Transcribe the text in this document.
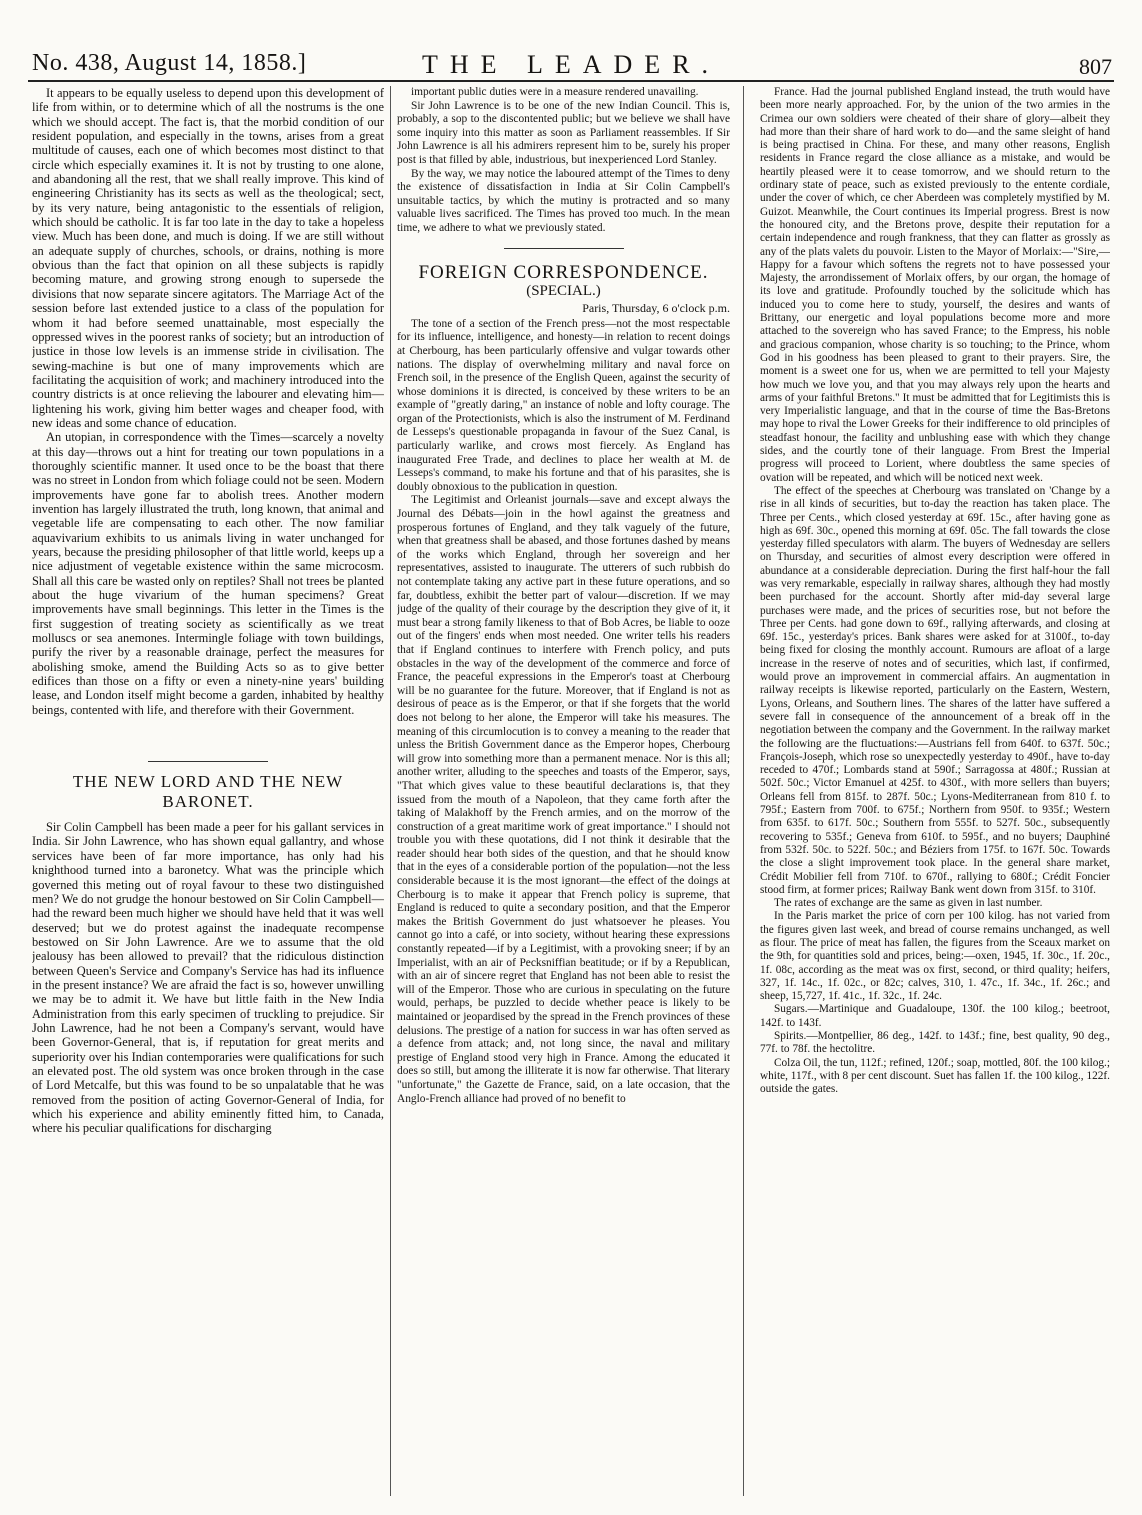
No. 438, August 14, 1858.]	THE LEADER.	807

It appears to be equally useless to depend upon this development of life from within, or to determine which of all the nostrums is the one which we should accept. The fact is, that the morbid condition of our resident population, and especially in the towns, arises from a great multitude of causes, each one of which becomes most distinct to that circle which especially examines it. It is not by trusting to one alone, and abandoning all the rest, that we shall really improve. This kind of engineering Christianity has its sects as well as the theological; sect, by its very nature, being antagonistic to the essentials of religion, which should be catholic. It is far too late in the day to take a hopeless view. Much has been done, and much is doing. If we are still without an adequate supply of churches, schools, or drains, nothing is more obvious than the fact that opinion on all these subjects is rapidly becoming mature, and growing strong enough to supersede the divisions that now separate sincere agitators. The Marriage Act of the session before last extended justice to a class of the population for whom it had before seemed unattainable, most especially the oppressed wives in the poorest ranks of society; but an introduction of justice in those low levels is an immense stride in civilisation. The sewing-machine is but one of many improvements which are facilitating the acquisition of work; and machinery introduced into the country districts is at once relieving the labourer and elevating him—lightening his work, giving him better wages and cheaper food, with new ideas and some chance of education.

An utopian, in correspondence with the Times—scarcely a novelty at this day—throws out a hint for treating our town populations in a thoroughly scientific manner. It used once to be the boast that there was no street in London from which foliage could not be seen. Modern improvements have gone far to abolish trees. Another modern invention has largely illustrated the truth, long known, that animal and vegetable life are compensating to each other. The now familiar aquavivarium exhibits to us animals living in water unchanged for years, because the presiding philosopher of that little world, keeps up a nice adjustment of vegetable existence within the same microcosm. Shall all this care be wasted only on reptiles? Shall not trees be planted about the huge vivarium of the human specimens? Great improvements have small beginnings. This letter in the Times is the first suggestion of treating society as scientifically as we treat molluscs or sea anemones. Intermingle foliage with town buildings, purify the river by a reasonable drainage, perfect the measures for abolishing smoke, amend the Building Acts so as to give better edifices than those on a fifty or even a ninety-nine years' building lease, and London itself might become a garden, inhabited by healthy beings, contented with life, and therefore with their Government.

THE NEW LORD AND THE NEW BARONET.

Sir Colin Campbell has been made a peer for his gallant services in India. Sir John Lawrence, who has shown equal gallantry, and whose services have been of far more importance, has only had his knighthood turned into a baronetcy. What was the principle which governed this meting out of royal favour to these two distinguished men? We do not grudge the honour bestowed on Sir Colin Campbell—had the reward been much higher we should have held that it was well deserved; but we do protest against the inadequate recompense bestowed on Sir John Lawrence. Are we to assume that the old jealousy has been allowed to prevail? that the ridiculous distinction between Queen's Service and Company's Service has had its influence in the present instance? We are afraid the fact is so, however unwilling we may be to admit it. We have but little faith in the New India Administration from this early specimen of truckling to prejudice. Sir John Lawrence, had he not been a Company's servant, would have been Governor-General, that is, if reputation for great merits and superiority over his Indian contemporaries were qualifications for such an elevated post. The old system was once broken through in the case of Lord Metcalfe, but this was found to be so unpalatable that he was removed from the position of acting Governor-General of India, for which his experience and ability eminently fitted him, to Canada, where his peculiar qualifications for discharging

important public duties were in a measure rendered unavailing.

Sir John Lawrence is to be one of the new Indian Council. This is, probably, a sop to the discontented public; but we believe we shall have some inquiry into this matter as soon as Parliament reassembles. If Sir John Lawrence is all his admirers represent him to be, surely his proper post is that filled by able, industrious, but inexperienced Lord Stanley.

By the way, we may notice the laboured attempt of the Times to deny the existence of dissatisfaction in India at Sir Colin Campbell's unsuitable tactics, by which the mutiny is protracted and so many valuable lives sacrificed. The Times has proved too much. In the mean time, we adhere to what we previously stated.

FOREIGN CORRESPONDENCE.

(SPECIAL.)

Paris, Thursday, 6 o'clock p.m.

The tone of a section of the French press—not the most respectable for its influence, intelligence, and honesty—in relation to recent doings at Cherbourg, has been particularly offensive and vulgar towards other nations. The display of overwhelming military and naval force on French soil, in the presence of the English Queen, against the security of whose dominions it is directed, is conceived by these writers to be an example of "greatly daring," an instance of noble and lofty courage. The organ of the Protectionists, which is also the instrument of M. Ferdinand de Lesseps's questionable propaganda in favour of the Suez Canal, is particularly warlike, and crows most fiercely. As England has inaugurated Free Trade, and declines to place her wealth at M. de Lesseps's command, to make his fortune and that of his parasites, she is doubly obnoxious to the publication in question.

The Legitimist and Orleanist journals—save and except always the Journal des Débats—join in the howl against the greatness and prosperous fortunes of England, and they talk vaguely of the future, when that greatness shall be abased, and those fortunes dashed by means of the works which England, through her sovereign and her representatives, assisted to inaugurate. The utterers of such rubbish do not contemplate taking any active part in these future operations, and so far, doubtless, exhibit the better part of valour—discretion. If we may judge of the quality of their courage by the description they give of it, it must bear a strong family likeness to that of Bob Acres, be liable to ooze out of the fingers' ends when most needed. One writer tells his readers that if England continues to interfere with French policy, and puts obstacles in the way of the development of the commerce and force of France, the peaceful expressions in the Emperor's toast at Cherbourg will be no guarantee for the future. Moreover, that if England is not as desirous of peace as is the Emperor, or that if she forgets that the world does not belong to her alone, the Emperor will take his measures. The meaning of this circumlocution is to convey a meaning to the reader that unless the British Government dance as the Emperor hopes, Cherbourg will grow into something more than a permanent menace. Nor is this all; another writer, alluding to the speeches and toasts of the Emperor, says, "That which gives value to these beautiful declarations is, that they issued from the mouth of a Napoleon, that they came forth after the taking of Malakhoff by the French armies, and on the morrow of the construction of a great maritime work of great importance." I should not trouble you with these quotations, did I not think it desirable that the reader should hear both sides of the question, and that he should know that in the eyes of a considerable portion of the population—not the less considerable because it is the most ignorant—the effect of the doings at Cherbourg is to make it appear that French policy is supreme, that England is reduced to quite a secondary position, and that the Emperor makes the British Government do just whatsoever he pleases. You cannot go into a café, or into society, without hearing these expressions constantly repeated—if by a Legitimist, with a provoking sneer; if by an Imperialist, with an air of Pecksniffian beatitude; or if by a Republican, with an air of sincere regret that England has not been able to resist the will of the Emperor. Those who are curious in speculating on the future would, perhaps, be puzzled to decide whether peace is likely to be maintained or jeopardised by the spread in the French provinces of these delusions. The prestige of a nation for success in war has often served as a defence from attack; and, not long since, the naval and military prestige of England stood very high in France. Among the educated it does so still, but among the illiterate it is now far otherwise. That literary "unfortunate," the Gazette de France, said, on a late occasion, that the Anglo-French alliance had proved of no benefit to

France. Had the journal published England instead, the truth would have been more nearly approached. For, by the union of the two armies in the Crimea our own soldiers were cheated of their share of glory—albeit they had more than their share of hard work to do—and the same sleight of hand is being practised in China. For these, and many other reasons, English residents in France regard the close alliance as a mistake, and would be heartily pleased were it to cease tomorrow, and we should return to the ordinary state of peace, such as existed previously to the entente cordiale, under the cover of which, ce cher Aberdeen was completely mystified by M. Guizot. Meanwhile, the Court continues its Imperial progress. Brest is now the honoured city, and the Bretons prove, despite their reputation for a certain independence and rough frankness, that they can flatter as grossly as any of the plats valets du pouvoir. Listen to the Mayor of Morlaix:—"Sire,—Happy for a favour which softens the regrets not to have possessed your Majesty, the arrondissement of Morlaix offers, by our organ, the homage of its love and gratitude. Profoundly touched by the solicitude which has induced you to come here to study, yourself, the desires and wants of Brittany, our energetic and loyal populations become more and more attached to the sovereign who has saved France; to the Empress, his noble and gracious companion, whose charity is so touching; to the Prince, whom God in his goodness has been pleased to grant to their prayers. Sire, the moment is a sweet one for us, when we are permitted to tell your Majesty how much we love you, and that you may always rely upon the hearts and arms of your faithful Bretons." It must be admitted that for Legitimists this is very Imperialistic language, and that in the course of time the Bas-Bretons may hope to rival the Lower Greeks for their indifference to old principles of steadfast honour, the facility and unblushing ease with which they change sides, and the courtly tone of their language. From Brest the Imperial progress will proceed to Lorient, where doubtless the same species of ovation will be repeated, and which will be noticed next week.

The effect of the speeches at Cherbourg was translated on 'Change by a rise in all kinds of securities, but to-day the reaction has taken place. The Three per Cents., which closed yesterday at 69f. 15c., after having gone as high as 69f. 30c., opened this morning at 69f. 05c. The fall towards the close yesterday filled speculators with alarm. The buyers of Wednesday are sellers on Thursday, and securities of almost every description were offered in abundance at a considerable depreciation. During the first half-hour the fall was very remarkable, especially in railway shares, although they had mostly been purchased for the account. Shortly after mid-day several large purchases were made, and the prices of securities rose, but not before the Three per Cents. had gone down to 69f., rallying afterwards, and closing at 69f. 15c., yesterday's prices. Bank shares were asked for at 3100f., to-day being fixed for closing the monthly account. Rumours are afloat of a large increase in the reserve of notes and of securities, which last, if confirmed, would prove an improvement in commercial affairs. An augmentation in railway receipts is likewise reported, particularly on the Eastern, Western, Lyons, Orleans, and Southern lines. The shares of the latter have suffered a severe fall in consequence of the announcement of a break off in the negotiation between the company and the Government. In the railway market the following are the fluctuations:—Austrians fell from 640f. to 637f. 50c.; François-Joseph, which rose so unexpectedly yesterday to 490f., have to-day receded to 470f.; Lombards stand at 590f.; Sarragossa at 480f.; Russian at 502f. 50c.; Victor Emanuel at 425f. to 430f., with more sellers than buyers; Orleans fell from 815f. to 287f. 50c.; Lyons-Mediterranean from 810 f. to 795f.; Eastern from 700f. to 675f.; Northern from 950f. to 935f.; Western from 635f. to 617f. 50c.; Southern from 555f. to 527f. 50c., subsequently recovering to 535f.; Geneva from 610f. to 595f., and no buyers; Dauphiné from 532f. 50c. to 522f. 50c.; and Béziers from 175f. to 167f. 50c. Towards the close a slight improvement took place. In the general share market, Crédit Mobilier fell from 710f. to 670f., rallying to 680f.; Crédit Foncier stood firm, at former prices; Railway Bank went down from 315f. to 310f.

The rates of exchange are the same as given in last number.

In the Paris market the price of corn per 100 kilog. has not varied from the figures given last week, and bread of course remains unchanged, as well as flour. The price of meat has fallen, the figures from the Sceaux market on the 9th, for quantities sold and prices, being:—oxen, 1945, 1f. 30c., 1f. 20c., 1f. 08c, according as the meat was ox first, second, or third quality; heifers, 327, 1f. 14c., 1f. 02c., or 82c; calves, 310, 1. 47c., 1f. 34c., 1f. 26c.; and sheep, 15,727, 1f. 41c., 1f. 32c., 1f. 24c.

Sugars.—Martinique and Guadaloupe, 130f. the 100 kilog.; beetroot, 142f. to 143f.

Spirits.—Montpellier, 86 deg., 142f. to 143f.; fine, best quality, 90 deg., 77f. to 78f. the hectolitre.

Colza Oil, the tun, 112f.; refined, 120f.; soap, mottled, 80f. the 100 kilog.; white, 117f., with 8 per cent discount. Suet has fallen 1f. the 100 kilog., 122f. outside the gates.
